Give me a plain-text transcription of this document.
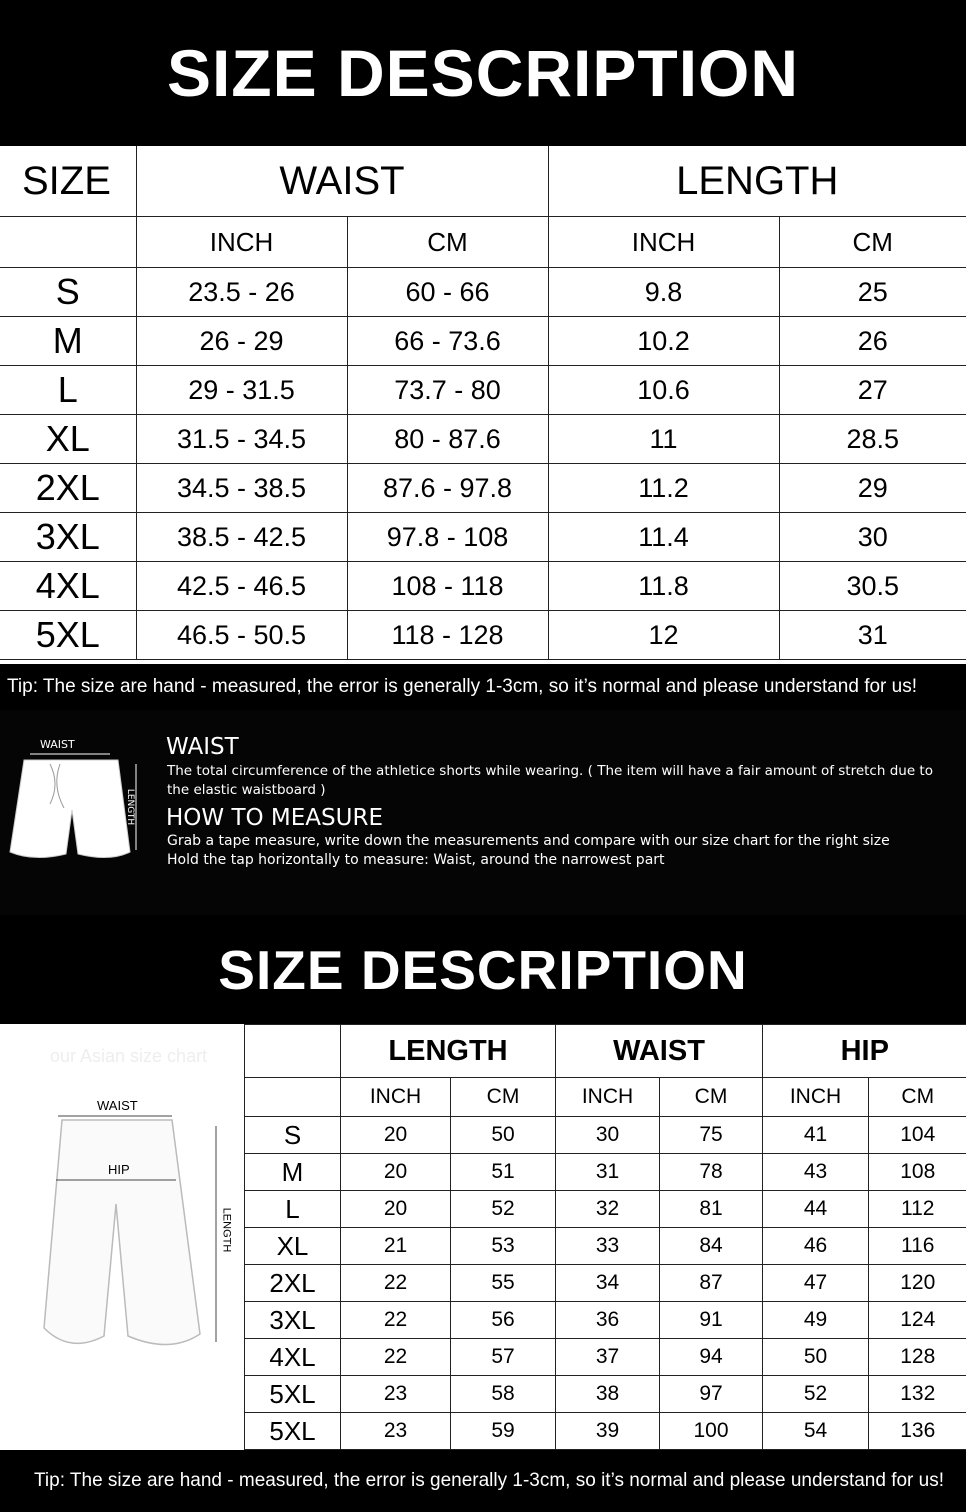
SIZE DESCRIPTION
SIZE	WAIST		LENGTH	
	INCH	CM	INCH	CM
S	23.5 - 26	60 - 66	9.8	25
M	26 - 29	66 - 73.6	10.2	26
L	29 - 31.5	73.7 - 80	10.6	27
XL	31.5 - 34.5	80 - 87.6	11	28.5
2XL	34.5 - 38.5	87.6 - 97.8	11.2	29
3XL	38.5 - 42.5	97.8 - 108	11.4	30
4XL	42.5 - 46.5	108 - 118	11.8	30.5
5XL	46.5 - 50.5	118 - 128	12	31
Tip: The size are hand - measured, the error is generally 1-3cm, so it’s normal and please understand for us!
WAIST
LENGTH
WAIST
The total circumference of the athletice shorts while wearing. ( The item will have a fair amount of stretch due to
the elastic waistboard )
HOW TO MEASURE
Grab a tape measure, write down the measurements and compare with our size chart for the right size
Hold the tap horizontally to measure: Waist, around the narrowest part
SIZE DESCRIPTION
our Asian size chart
WAIST
HIP
LENGTH
	LENGTH		WAIST		HIP	
	INCH	CM	INCH	CM	INCH	CM
S	20	50	30	75	41	104
M	20	51	31	78	43	108
L	20	52	32	81	44	112
XL	21	53	33	84	46	116
2XL	22	55	34	87	47	120
3XL	22	56	36	91	49	124
4XL	22	57	37	94	50	128
5XL	23	58	38	97	52	132
5XL	23	59	39	100	54	136
Tip: The size are hand - measured, the error is generally 1-3cm, so it’s normal and please understand for us!
